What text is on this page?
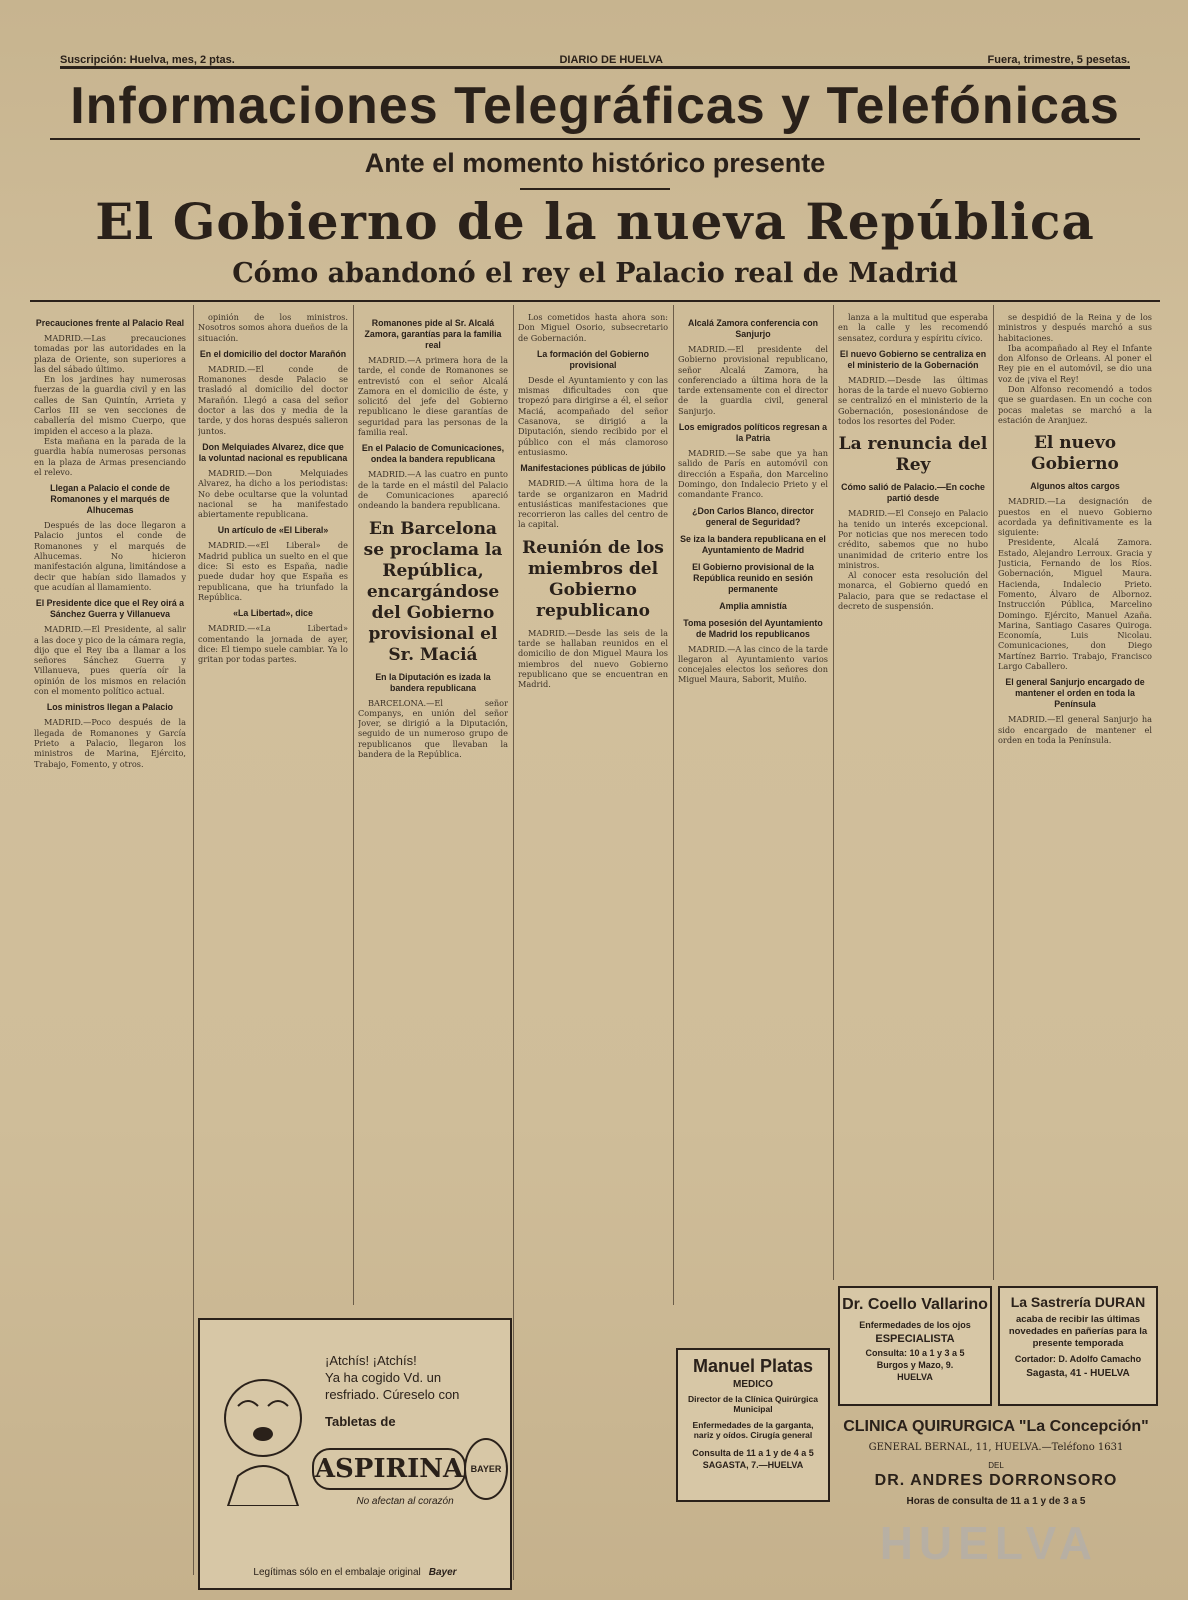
Suscripción: Huelva, mes, 2 ptas.	DIARIO DE HUELVA	Fuera, trimestre, 5 pesetas.
Informaciones Telegráficas y Telefónicas
Ante el momento histórico presente
El Gobierno de la nueva República
Cómo abandonó el rey el Palacio real de Madrid
Precauciones frente al Palacio Real

MADRID.—Las precauciones tomadas por las autoridades en la plaza de Oriente, son superiores a las del sábado último.

En los jardines hay numerosas fuerzas de la guardia civil y en las calles de San Quintín, Arrieta y Carlos III se ven secciones de caballería del mismo Cuerpo, que impiden el acceso a la plaza.

Esta mañana en la parada de la guardia había numerosas personas en la plaza de Armas presenciando el relevo.

Llegan a Palacio el conde de Romanones y el marqués de Alhucemas

Después de las doce llegaron a Palacio juntos el conde de Romanones y el marqués de Alhucemas. No hicieron manifestación alguna, limitándose a decir que habían sido llamados y que acudían al llamamiento.

El Presidente dice que el Rey oirá a Sánchez Guerra y Villanueva

MADRID.—El Presidente, al salir a las doce y pico de la cámara regia, dijo que el Rey iba a llamar a los señores Sánchez Guerra y Villanueva, pues quería oír la opinión de los mismos en relación con el momento político actual.

Los ministros llegan a Palacio

MADRID.—Poco después de la llegada de Romanones y García Prieto a Palacio, llegaron los ministros de Marina, Ejército, Trabajo, Fomento, y otros.

opinión de los ministros. Nosotros somos ahora dueños de la situación.

En el domicilio del doctor Marañón

MADRID.—El conde de Romanones desde Palacio se trasladó al domicilio del doctor Marañón. Llegó a casa del señor doctor a las dos y media de la tarde, y dos horas después salieron juntos.

Don Melquiades Alvarez, dice que la voluntad nacional es republicana

MADRID.—Don Melquiades Alvarez, ha dicho a los periodistas: No debe ocultarse que la voluntad nacional se ha manifestado abiertamente republicana.

Un artículo de «El Liberal»

MADRID.—«El Liberal» de Madrid publica un suelto en el que dice: Si esto es España, nadie puede dudar hoy que España es republicana, que ha triunfado la República.

«La Libertad», dice

MADRID.—«La Libertad» comentando la jornada de ayer, dice: El tiempo suele cambiar. Ya lo gritan por todas partes.

Romanones pide al Sr. Alcalá Zamora, garantías para la familia real

MADRID.—A primera hora de la tarde, el conde de Romanones se entrevistó con el señor Alcalá Zamora en el domicilio de éste, y solicitó del jefe del Gobierno republicano le diese garantías de seguridad para las personas de la familia real.

En el Palacio de Comunicaciones, ondea la bandera republicana

MADRID.—A las cuatro en punto de la tarde en el mástil del Palacio de Comunicaciones apareció ondeando la bandera republicana.

En Barcelona se proclama la República, encargándose del Gobierno provisional el Sr. Maciá
En la Diputación es izada la bandera republicana

BARCELONA.—El señor Companys, en unión del señor Jover, se dirigió a la Diputación, seguido de un numeroso grupo de republicanos que llevaban la bandera de la República.

Los cometidos hasta ahora son: Don Miguel Osorio, subsecretario de Gobernación.

La formación del Gobierno provisional

Desde el Ayuntamiento y con las mismas dificultades con que tropezó para dirigirse a él, el señor Maciá, acompañado del señor Casanova, se dirigió a la Diputación, siendo recibido por el público con el más clamoroso entusiasmo.

Manifestaciones públicas de júbilo

MADRID.—A última hora de la tarde se organizaron en Madrid entusiásticas manifestaciones que recorrieron las calles del centro de la capital.

Reunión de los miembros del Gobierno republicano

MADRID.—Desde las seis de la tarde se hallaban reunidos en el domicilio de don Miguel Maura los miembros del nuevo Gobierno republicano que se encuentran en Madrid.

Alcalá Zamora conferencia con Sanjurjo

MADRID.—El presidente del Gobierno provisional republicano, señor Alcalá Zamora, ha conferenciado a última hora de la tarde extensamente con el director de la guardia civil, general Sanjurjo.

Los emigrados políticos regresan a la Patria

MADRID.—Se sabe que ya han salido de París en automóvil con dirección a España, don Marcelino Domingo, don Indalecio Prieto y el comandante Franco.

¿Don Carlos Blanco, director general de Seguridad?
Se iza la bandera republicana en el Ayuntamiento de Madrid
El Gobierno provisional de la República reunido en sesión permanente
Amplia amnistía
Toma posesión del Ayuntamiento de Madrid los republicanos

MADRID.—A las cinco de la tarde llegaron al Ayuntamiento varios concejales electos los señores don Miguel Maura, Saborit, Muiño.

lanza a la multitud que esperaba en la calle y les recomendó sensatez, cordura y espíritu cívico.

El nuevo Gobierno se centraliza en el ministerio de la Gobernación

MADRID.—Desde las últimas horas de la tarde el nuevo Gobierno se centralizó en el ministerio de la Gobernación, posesionándose de todos los resortes del Poder.

La renuncia del Rey
Cómo salió de Palacio.—En coche partió desde

MADRID.—El Consejo en Palacio ha tenido un interés excepcional. Por noticias que nos merecen todo crédito, sabemos que no hubo unanimidad de criterio entre los ministros.

Al conocer esta resolución del monarca, el Gobierno quedó en Palacio, para que se redactase el decreto de suspensión.

se despidió de la Reina y de los ministros y después marchó a sus habitaciones.

Iba acompañado al Rey el Infante don Alfonso de Orleans. Al poner el Rey pie en el automóvil, se dio una voz de ¡viva el Rey!

Don Alfonso recomendó a todos que se guardasen. En un coche con pocas maletas se marchó a la estación de Aranjuez.

El nuevo Gobierno
Algunos altos cargos

MADRID.—La designación de puestos en el nuevo Gobierno acordada ya definitivamente es la siguiente:

Presidente, Alcalá Zamora. Estado, Alejandro Lerroux. Gracia y Justicia, Fernando de los Ríos. Gobernación, Miguel Maura. Hacienda, Indalecio Prieto. Fomento, Álvaro de Albornoz. Instrucción Pública, Marcelino Domingo. Ejército, Manuel Azaña. Marina, Santiago Casares Quiroga. Economía, Luis Nicolau. Comunicaciones, don Diego Martínez Barrio. Trabajo, Francisco Largo Caballero.

El general Sanjurjo encargado de mantener el orden en toda la Península

MADRID.—El general Sanjurjo ha sido encargado de mantener el orden en toda la Península.

¡Atchís! ¡Atchís!
Ya ha cogido Vd. un resfriado. Cúreselo con
Tabletas de
ASPIRINA BAYER
No afectan al corazón
Legítimas sólo en el embalaje original Bayer
Manuel Platas
MEDICO
Director de la Clínica Quirúrgica Municipal
Enfermedades de la garganta, nariz y oídos. Cirugía general
Consulta de 11 a 1 y de 4 a 5
SAGASTA, 7.—HUELVA
Dr. Coello Vallarino
Enfermedades de los ojos
ESPECIALISTA
Consulta: 10 a 1 y 3 a 5
Burgos y Mazo, 9.
HUELVA
La Sastrería DURAN
acaba de recibir las últimas novedades en pañerías para la presente temporada
Cortador: D. Adolfo Camacho
Sagasta, 41 - HUELVA
CLINICA QUIRURGICA "La Concepción"
GENERAL BERNAL, 11, HUELVA.—Teléfono 1631
DEL
DR. ANDRES DORRONSORO
Horas de consulta de 11 a 1 y de 3 a 5
HUELVA
